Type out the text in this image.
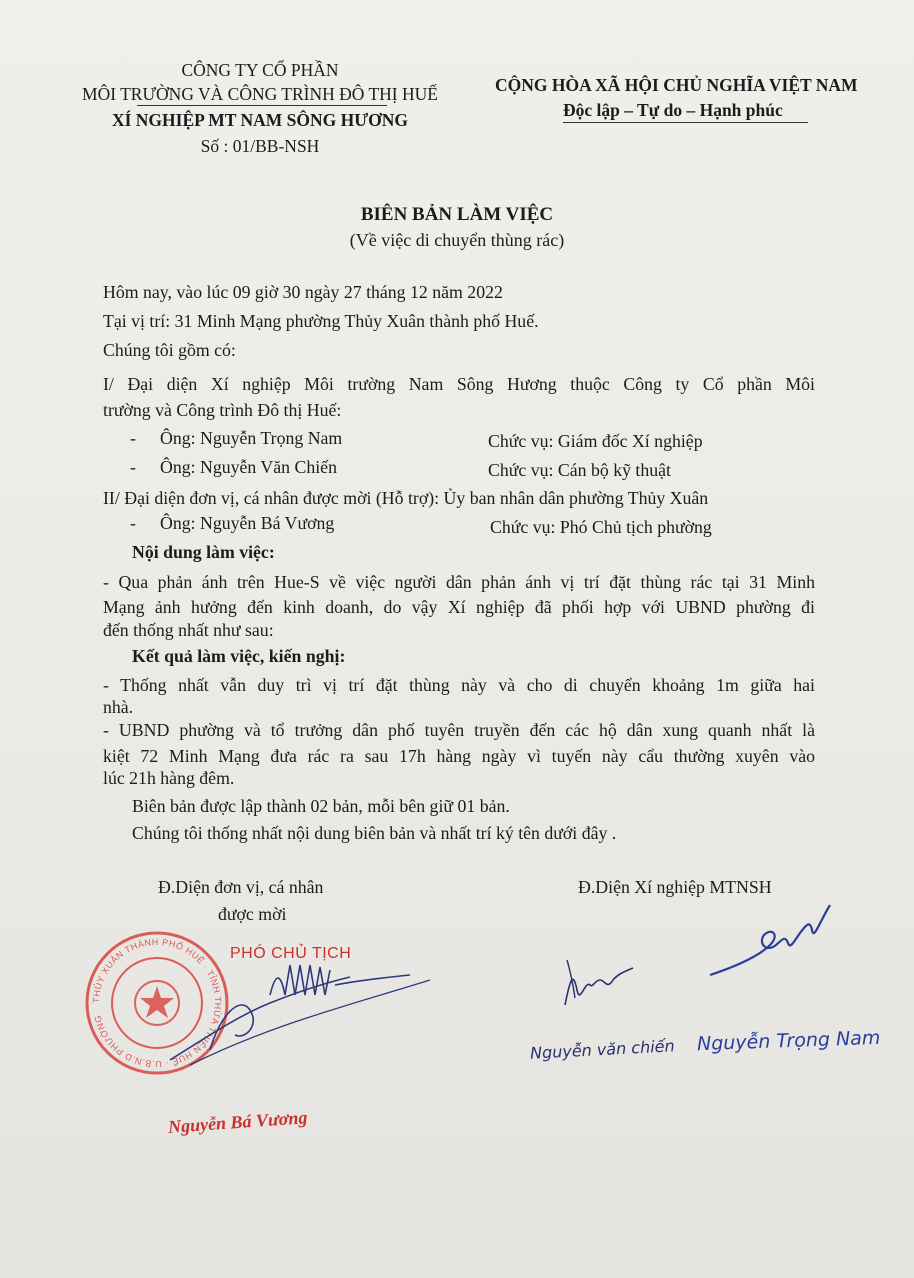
CÔNG TY CỔ PHẦN
MÔI TRƯỜNG VÀ CÔNG TRÌNH ĐÔ THỊ HUẾ
XÍ NGHIỆP MT NAM SÔNG HƯƠNG
Số : 01/BB-NSH
CỘNG HÒA XÃ HỘI CHỦ NGHĨA VIỆT NAM
Độc lập – Tự do – Hạnh phúc
BIÊN BẢN LÀM VIỆC
(Về việc di chuyển thùng rác)
Hôm nay, vào lúc 09 giờ 30 ngày 27 tháng 12 năm 2022
Tại vị trí: 31 Minh Mạng phường Thủy Xuân thành phố Huế.
Chúng tôi gồm có:
I/ Đại diện Xí nghiệp Môi trường Nam Sông Hương thuộc Công ty Cổ phần Môi
trường và Công trình Đô thị Huế:
- Ông: Nguyễn Trọng Nam	Chức vụ: Giám đốc Xí nghiệp
- Ông: Nguyễn Văn Chiến	Chức vụ: Cán bộ kỹ thuật
II/ Đại diện đơn vị, cá nhân được mời (Hỗ trợ): Ủy ban nhân dân phường Thủy Xuân
- Ông: Nguyễn Bá Vương	Chức vụ: Phó Chủ tịch phường
Nội dung làm việc:
- Qua phản ánh trên Hue-S về việc người dân phản ánh vị trí đặt thùng rác tại 31 Minh
Mạng ảnh hưởng đến kinh doanh, do vậy Xí nghiệp đã phối hợp với UBND phường đi
đến thống nhất như sau:
Kết quả làm việc, kiến nghị:
- Thống nhất vẫn duy trì vị trí đặt thùng này và cho di chuyển khoảng 1m giữa hai
nhà.
- UBND phường và tổ trưởng dân phố tuyên truyền đến các hộ dân xung quanh nhất là
kiệt 72 Minh Mạng đưa rác ra sau 17h hàng ngày vì tuyến này cẩu thường xuyên vào
lúc 21h hàng đêm.
Biên bản được lập thành 02 bản, mỗi bên giữ 01 bản.
Chúng tôi thống nhất nội dung biên bản và nhất trí ký tên dưới đây .
Đ.Diện đơn vị, cá nhân
được mời
Đ.Diện Xí nghiệp MTNSH
THỦY XUÂN THÀNH PHỐ HUẾ · TỈNH THỪA THIÊN HUẾ · U.B.N.D PHƯỜNG
PHÓ CHỦ TỊCH
Nguyễn Bá Vương
Nguyễn văn chiến Nguyễn Trọng Nam
